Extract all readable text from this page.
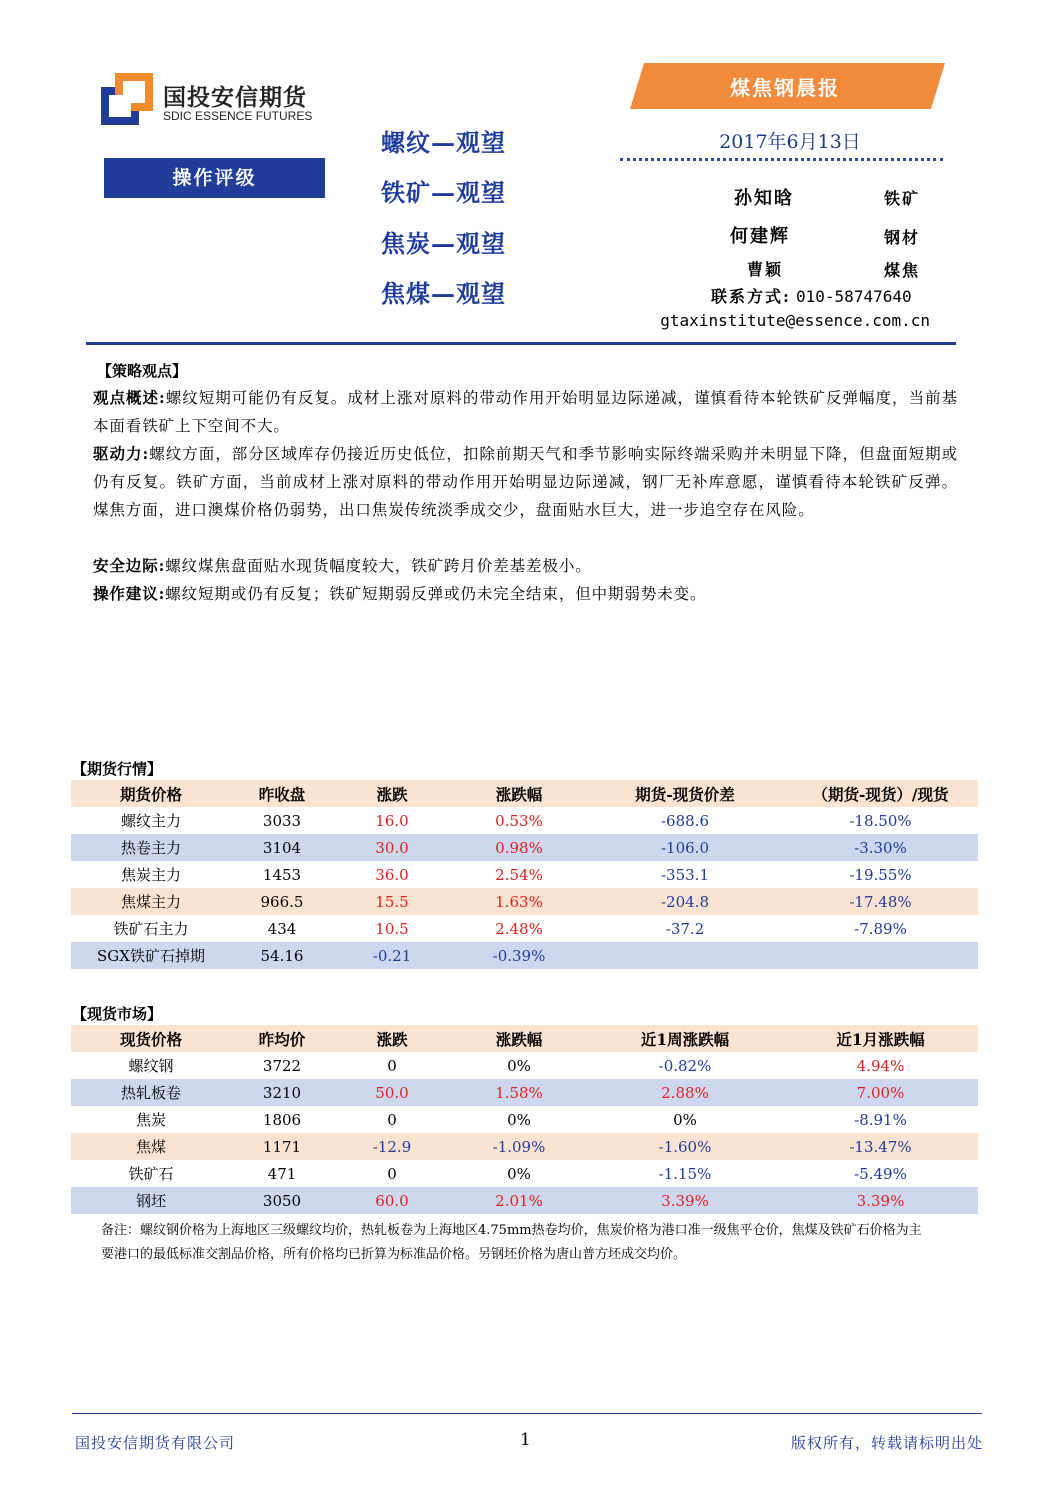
国投安信期货
SDIC ESSENCE FUTURES
煤焦钢晨报
2017年6月13日
操作评级
螺纹—观望
铁矿—观望
焦炭—观望
焦煤—观望
孙知晗	铁矿
何建辉	钢材
曹颖	煤焦
联系方式: 010-58747640
gtaxinstitute@essence.com.cn
【策略观点】
观点概述:螺纹短期可能仍有反复。成材上涨对原料的带动作用开始明显边际递减，谨慎看待本轮铁矿反弹幅度，当前基本面看铁矿上下空间不大。
驱动力:螺纹方面，部分区域库存仍接近历史低位，扣除前期天气和季节影响实际终端采购并未明显下降，但盘面短期或仍有反复。铁矿方面，当前成材上涨对原料的带动作用开始明显边际递减，钢厂无补库意愿，谨慎看待本轮铁矿反弹。煤焦方面，进口澳煤价格仍弱势，出口焦炭传统淡季成交少，盘面贴水巨大，进一步追空存在风险。
安全边际:螺纹煤焦盘面贴水现货幅度较大，铁矿跨月价差基差极小。
操作建议:螺纹短期或仍有反复；铁矿短期弱反弹或仍未完全结束，但中期弱势未变。
【期货行情】
期货价格	昨收盘	涨跌	涨跌幅	期货-现货价差	（期货-现货）/现货
螺纹主力	3033	16.0	0.53%	-688.6	-18.50%
热卷主力	3104	30.0	0.98%	-106.0	-3.30%
焦炭主力	1453	36.0	2.54%	-353.1	-19.55%
焦煤主力	966.5	15.5	1.63%	-204.8	-17.48%
铁矿石主力	434	10.5	2.48%	-37.2	-7.89%
SGX铁矿石掉期	54.16	-0.21	-0.39%		
【现货市场】
现货价格	昨均价	涨跌	涨跌幅	近1周涨跌幅	近1月涨跌幅
螺纹钢	3722	0	0%	-0.82%	4.94%
热轧板卷	3210	50.0	1.58%	2.88%	7.00%
焦炭	1806	0	0%	0%	-8.91%
焦煤	1171	-12.9	-1.09%	-1.60%	-13.47%
铁矿石	471	0	0%	-1.15%	-5.49%
钢坯	3050	60.0	2.01%	3.39%	3.39%
备注：螺纹钢价格为上海地区三级螺纹均价，热轧板卷为上海地区4.75mm热卷均价，焦炭价格为港口准一级焦平仓价，焦煤及铁矿石价格为主要港口的最低标准交割品价格，所有价格均已折算为标准品价格。另钢坯价格为唐山普方坯成交均价。
国投安信期货有限公司	1	版权所有，转载请标明出处
